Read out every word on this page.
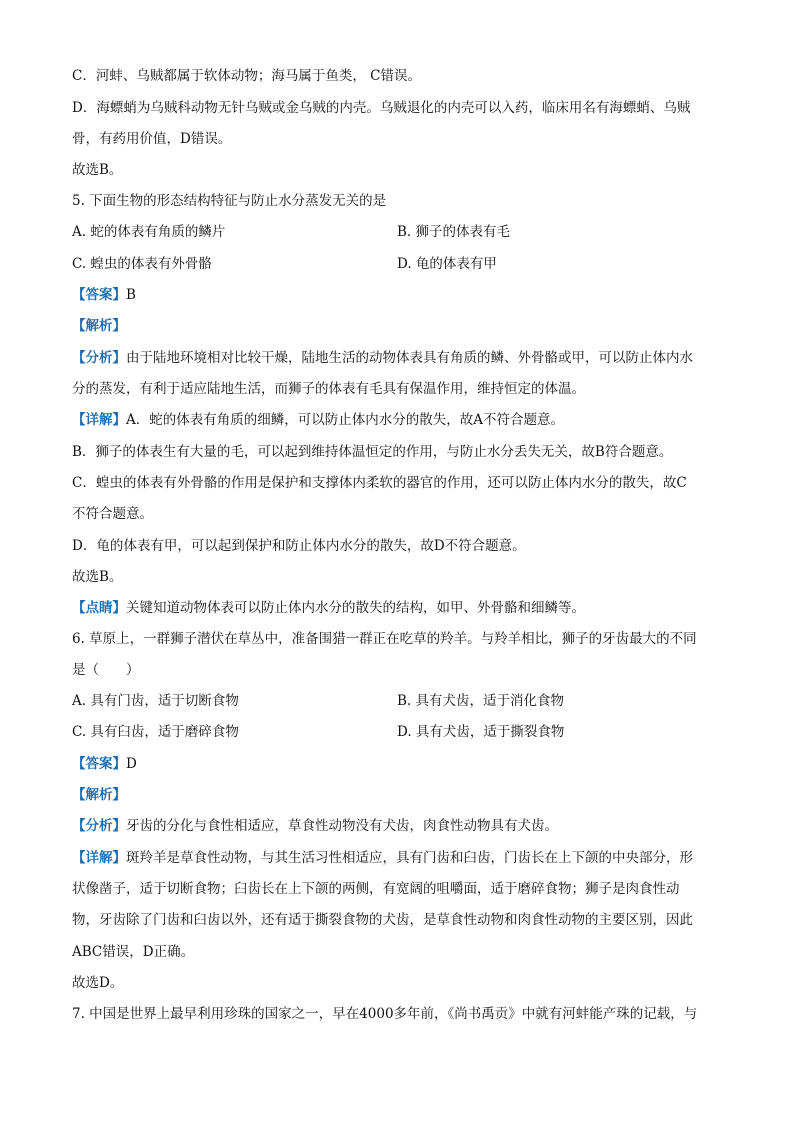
C．河蚌、乌贼都属于软体动物；海马属于鱼类， C错误。
D．海螵蛸为乌贼科动物无针乌贼或金乌贼的内壳。乌贼退化的内壳可以入药，临床用名有海螵蛸、乌贼
骨，有药用价值，D错误。
故选B。
5. 下面生物的形态结构特征与防止水分蒸发无关的是
A. 蛇的体表有角质的鳞片	B. 狮子的体表有毛
C. 蝗虫的体表有外骨骼	D. 龟的体表有甲
【答案】B
【解析】
【分析】由于陆地环境相对比较干燥，陆地生活的动物体表具有角质的鳞、外骨骼或甲，可以防止体内水
分的蒸发，有利于适应陆地生活，而狮子的体表有毛具有保温作用，维持恒定的体温。
【详解】A．蛇的体表有角质的细鳞，可以防止体内水分的散失，故A不符合题意。
B．狮子的体表生有大量的毛，可以起到维持体温恒定的作用，与防止水分丢失无关，故B符合题意。
C．蝗虫的体表有外骨骼的作用是保护和支撑体内柔软的器官的作用，还可以防止体内水分的散失，故C
不符合题意。
D．龟的体表有甲，可以起到保护和防止体内水分的散失，故D不符合题意。
故选B。
【点睛】关键知道动物体表可以防止体内水分的散失的结构，如甲、外骨骼和细鳞等。
6. 草原上，一群狮子潜伏在草丛中，准备围猎一群正在吃草的羚羊。与羚羊相比，狮子的牙齿最大的不同
是（　　）
A. 具有门齿，适于切断食物	B. 具有犬齿，适于消化食物
C. 具有臼齿，适于磨碎食物	D. 具有犬齿，适于撕裂食物
【答案】D
【解析】
【分析】牙齿的分化与食性相适应，草食性动物没有犬齿，肉食性动物具有犬齿。
【详解】斑羚羊是草食性动物，与其生活习性相适应，具有门齿和臼齿，门齿长在上下颌的中央部分，形
状像凿子，适于切断食物；臼齿长在上下颌的两侧，有宽阔的咀嚼面，适于磨碎食物；狮子是肉食性动
物，牙齿除了门齿和臼齿以外，还有适于撕裂食物的犬齿，是草食性动物和肉食性动物的主要区别，因此
ABC错误，D正确。
故选D。
7. 中国是世界上最早利用珍珠的国家之一，早在4000多年前，《尚书禹贡》中就有河蚌能产珠的记载，与
